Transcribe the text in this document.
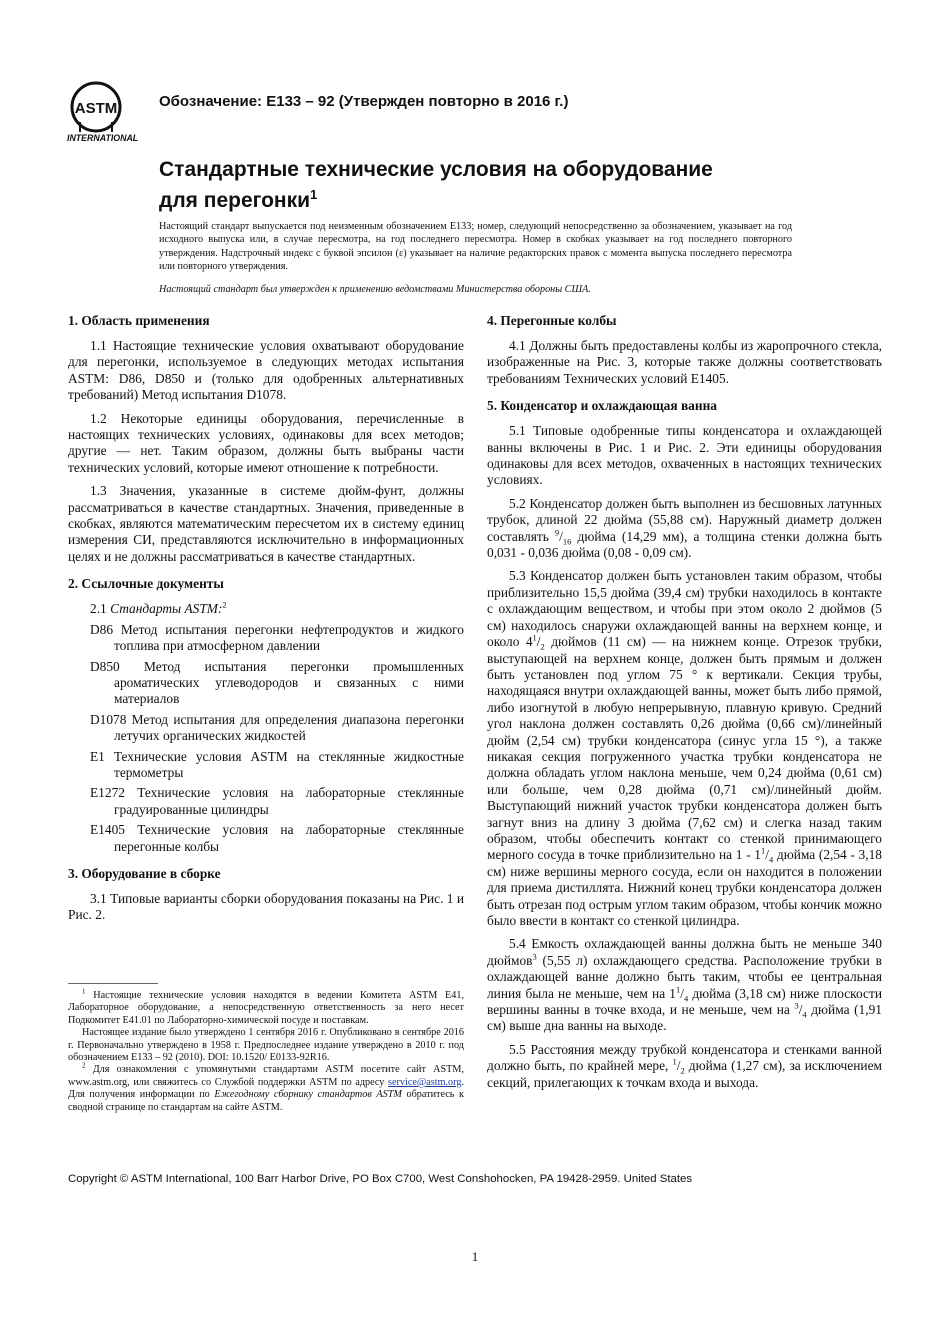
ASTM
INTERNATIONAL
Обозначение: E133 – 92 (Утвержден повторно в 2016 г.)
Стандартные технические условия на оборудование
для перегонки$^1$

Настоящий стандарт выпускается под неизменным обозначением E133; номер, следующий непосредственно за обозначением, указывает на год исходного выпуска или, в случае пересмотра, на год последнего пересмотра. Номер в скобках указывает на год последнего повторного утверждения. Надстрочный индекс с буквой эпсилон (ε) указывает на наличие редакторских правок с момента выпуска последнего пересмотра или повторного утверждения.

Настоящий стандарт был утвержден к применению ведомствами Министерства обороны США.

1. Область применения

1.1 Настоящие технические условия охватывают оборудование для перегонки, используемое в следующих методах испытания ASTM: D86, D850 и (только для одобренных альтернативных требований) Метод испытания D1078.

1.2 Некоторые единицы оборудования, перечисленные в настоящих технических условиях, одинаковы для всех методов; другие — нет. Таким образом, должны быть выбраны части технических условий, которые имеют отношение к потребности.

1.3 Значения, указанные в системе дюйм-фунт, должны рассматриваться в качестве стандартных. Значения, приведенные в скобках, являются математическим пересчетом их в систему единиц измерения СИ, представляются исключительно в информационных целях и не должны рассматриваться в качестве стандартных.

2. Ссылочные документы

2.1 Стандарты ASTM:$^2$

D86 Метод испытания перегонки нефтепродуктов и жидкого топлива при атмосферном давлении

D850 Метод испытания перегонки промышленных ароматических углеводородов и связанных с ними материалов

D1078 Метод испытания для определения диапазона перегонки летучих органических жидкостей

E1 Технические условия ASTM на стеклянные жидкостные термометры

E1272 Технические условия на лабораторные стеклянные градуированные цилиндры

E1405 Технические условия на лабораторные стеклянные перегонные колбы

3. Оборудование в сборке

3.1 Типовые варианты сборки оборудования показаны на Рис. 1 и Рис. 2.

4. Перегонные колбы

4.1 Должны быть предоставлены колбы из жаропрочного стекла, изображенные на Рис. 3, которые также должны соответствовать требованиям Технических условий E1405.

5. Конденсатор и охлаждающая ванна

5.1 Типовые одобренные типы конденсатора и охлаждающей ванны включены в Рис. 1 и Рис. 2. Эти единицы оборудования одинаковы для всех методов, охваченных в настоящих технических условиях.

5.2 Конденсатор должен быть выполнен из бесшовных латунных трубок, длиной 22 дюйма (55,88 см). Наружный диаметр должен составлять $^9/_{16}$ дюйма (14,29 мм), а толщина стенки должна быть 0,031 - 0,036 дюйма (0,08 - 0,09 см).

5.3 Конденсатор должен быть установлен таким образом, чтобы приблизительно 15,5 дюйма (39,4 см) трубки находилось в контакте с охлаждающим веществом, и чтобы при этом около 2 дюймов (5 см) находилось снаружи охлаждающей ванны на верхнем конце, и около $4^1/_2$ дюймов (11 см) — на нижнем конце. Отрезок трубки, выступающей на верхнем конце, должен быть прямым и должен быть установлен под углом 75 ° к вертикали. Секция трубы, находящаяся внутри охлаждающей ванны, может быть либо прямой, либо изогнутой в любую непрерывную, плавную кривую. Средний угол наклона должен составлять 0,26 дюйма (0,66 см)/линейный дюйм (2,54 см) трубки конденсатора (синус угла 15 °), а также никакая секция погруженного участка трубки конденсатора не должна обладать углом наклона меньше, чем 0,24 дюйма (0,61 см) или больше, чем 0,28 дюйма (0,71 см)/линейный дюйм. Выступающий нижний участок трубки конденсатора должен быть загнут вниз на длину 3 дюйма (7,62 см) и слегка назад таким образом, чтобы обеспечить контакт со стенкой принимающего мерного сосуда в точке приблизительно на $1 - 1^1/_4$ дюйма (2,54 - 3,18 см) ниже вершины мерного сосуда, если он находится в положении для приема дистиллята. Нижний конец трубки конденсатора должен быть отрезан под острым углом таким образом, чтобы кончик можно было ввести в контакт со стенкой цилиндра.

5.4 Емкость охлаждающей ванны должна быть не меньше 340 дюймов$^3$ (5,55 л) охлаждающего средства. Расположение трубки в охлаждающей ванне должно быть таким, чтобы ее центральная линия была не меньше, чем на $1^1/_4$ дюйма (3,18 см) ниже плоскости вершины ванны в точке входа, и не меньше, чем на $^3/_4$ дюйма (1,91 см) выше дна ванны на выходе.

5.5 Расстояния между трубкой конденсатора и стенками ванной должно быть, по крайней мере, $^1/_2$ дюйма (1,27 см), за исключением секций, прилегающих к точкам входа и выхода.

$^1$ Настоящие технические условия находятся в ведении Комитета ASTM E41, Лабораторное оборудование, а непосредственную ответственность за него несет Подкомитет E41.01 по Лабораторно-химической посуде и поставкам.

Настоящее издание было утверждено 1 сентября 2016 г. Опубликовано в сентябре 2016 г. Первоначально утверждено в 1958 г. Предпоследнее издание утверждено в 2010 г. под обозначением E133 – 92 (2010). DOI: 10.1520/ E0133-92R16.

$^2$ Для ознакомления с упомянутыми стандартами ASTM посетите сайт ASTM, www.astm.org, или свяжитесь со Службой поддержки ASTM по адресу service@astm.org. Для получения информации по Ежегодному сборнику стандартов ASTM обратитесь к сводной странице по стандартам на сайте ASTM.

Copyright © ASTM International, 100 Barr Harbor Drive, PO Box C700, West Conshohocken, PA 19428-2959. United States
1
